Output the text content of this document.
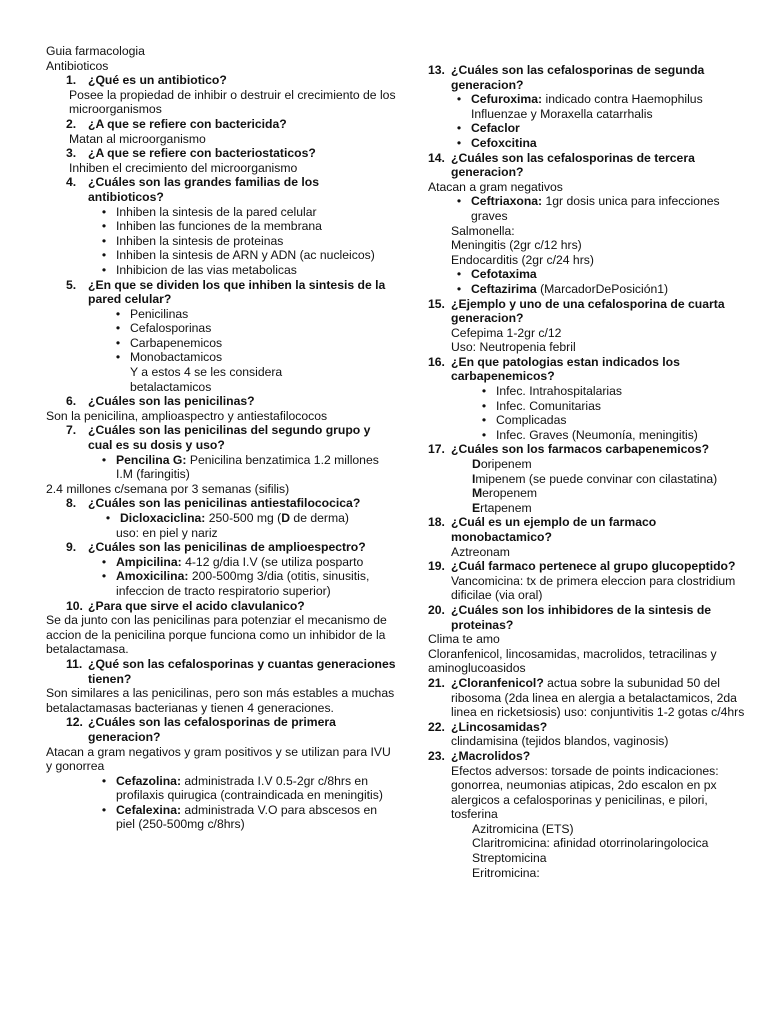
Guia farmacologia

Antibioticos

1. ¿Qué es un antibiotico?

Posee la propiedad de inhibir o destruir el crecimiento de los microorganismos

2. ¿A que se refiere con bactericida?

Matan al microorganismo

3. ¿A que se refiere con bacteriostaticos?

Inhiben el crecimiento del microorganismo

4. ¿Cuáles son las grandes familias de los antibioticos?
• Inhiben la sintesis de la pared celular
• Inhiben las funciones de la membrana
• Inhiben la sintesis de proteinas
• Inhiben la sintesis de ARN y ADN (ac nucleicos)
• Inhibicion de las vias metabolicas
5. ¿En que se dividen los que inhiben la sintesis de la pared celular?
• Penicilinas
• Cefalosporinas
• Carbapenemicos
• Monobactamicos

Y a estos 4 se les considera betalactamicos

6. ¿Cuáles son las penicilinas?

Son la penicilina, amplioaspectro y antiestafilococos

7. ¿Cuáles son las penicilinas del segundo grupo y cual es su dosis y uso?
• Pencilina G: Penicilina benzatimica 1.2 millones I.M (faringitis)

2.4 millones c/semana por 3 semanas (sifilis)

8. ¿Cuáles son las penicilinas antiestafilococica?
• Dicloxaciclina: 250-500 mg (D de derma)

uso: en piel y nariz

9. ¿Cuáles son las penicilinas de amplioespectro?
• Ampicilina: 4-12 g/dia I.V (se utiliza posparto
• Amoxicilina: 200-500mg 3/dia (otitis, sinusitis, infeccion de tracto respiratorio superior)
10. ¿Para que sirve el acido clavulanico?

Se da junto con las penicilinas para potenziar el mecanismo de accion de la penicilina porque funciona como un inhibidor de la betalactamasa.

11. ¿Qué son las cefalosporinas y cuantas generaciones tienen?

Son similares a las penicilinas, pero son más estables a muchas betalactamasas bacterianas y tienen 4 generaciones.

12. ¿Cuáles son las cefalosporinas de primera generacion?

Atacan a gram negativos y gram positivos y se utilizan para IVU y gonorrea

• Cefazolina: administrada I.V 0.5-2gr c/8hrs en profilaxis quirugica (contraindicada en meningitis)
• Cefalexina: administrada V.O para abscesos en piel (250-500mg c/8hrs)
13. ¿Cuáles son las cefalosporinas de segunda generacion?
• Cefuroxima: indicado contra Haemophilus Influenzae y Moraxella catarrhalis
• Cefaclor
• Cefoxcitina
14. ¿Cuáles son las cefalosporinas de tercera generacion?

Atacan a gram negativos

• Ceftriaxona: 1gr dosis unica para infecciones graves

Salmonella:

Meningitis (2gr c/12 hrs)

Endocarditis (2gr c/24 hrs)

• Cefotaxima
• Ceftazirima (MarcadorDePosición1)
15. ¿Ejemplo y uno de una cefalosporina de cuarta generacion?

Cefepima 1-2gr c/12

Uso: Neutropenia febril

16. ¿En que patologias estan indicados los carbapenemicos?
• Infec. Intrahospitalarias
• Infec. Comunitarias
• Complicadas
• Infec. Graves (Neumonía, meningitis)
17. ¿Cuáles son los farmacos carbapenemicos?

Doripenem

Imipenem (se puede convinar con cilastatina)

Meropenem

Ertapenem

18. ¿Cuál es un ejemplo de un farmaco monobactamico?

Aztreonam

19. ¿Cuál farmaco pertenece al grupo glucopeptido?

Vancomicina: tx de primera eleccion para clostridium dificilae (via oral)

20. ¿Cuáles son los inhibidores de la sintesis de proteinas?

Clima te amo

Cloranfenicol, lincosamidas, macrolidos, tetracilinas y aminoglucoasidos

21. ¿Cloranfenicol? actua sobre la subunidad 50 del ribosoma (2da linea en alergia a betalactamicos, 2da linea en ricketsiosis) uso: conjuntivitis 1-2 gotas c/4hrs
22. ¿Lincosamidas?

clindamisina (tejidos blandos, vaginosis)

23. ¿Macrolidos?

Efectos adversos: torsade de points indicaciones: gonorrea, neumonias atipicas, 2do escalon en px alergicos a cefalosporinas y penicilinas, e pilori, tosferina

Azitromicina (ETS)

Claritromicina: afinidad otorrinolaringolocica

Streptomicina

Eritromicina:
